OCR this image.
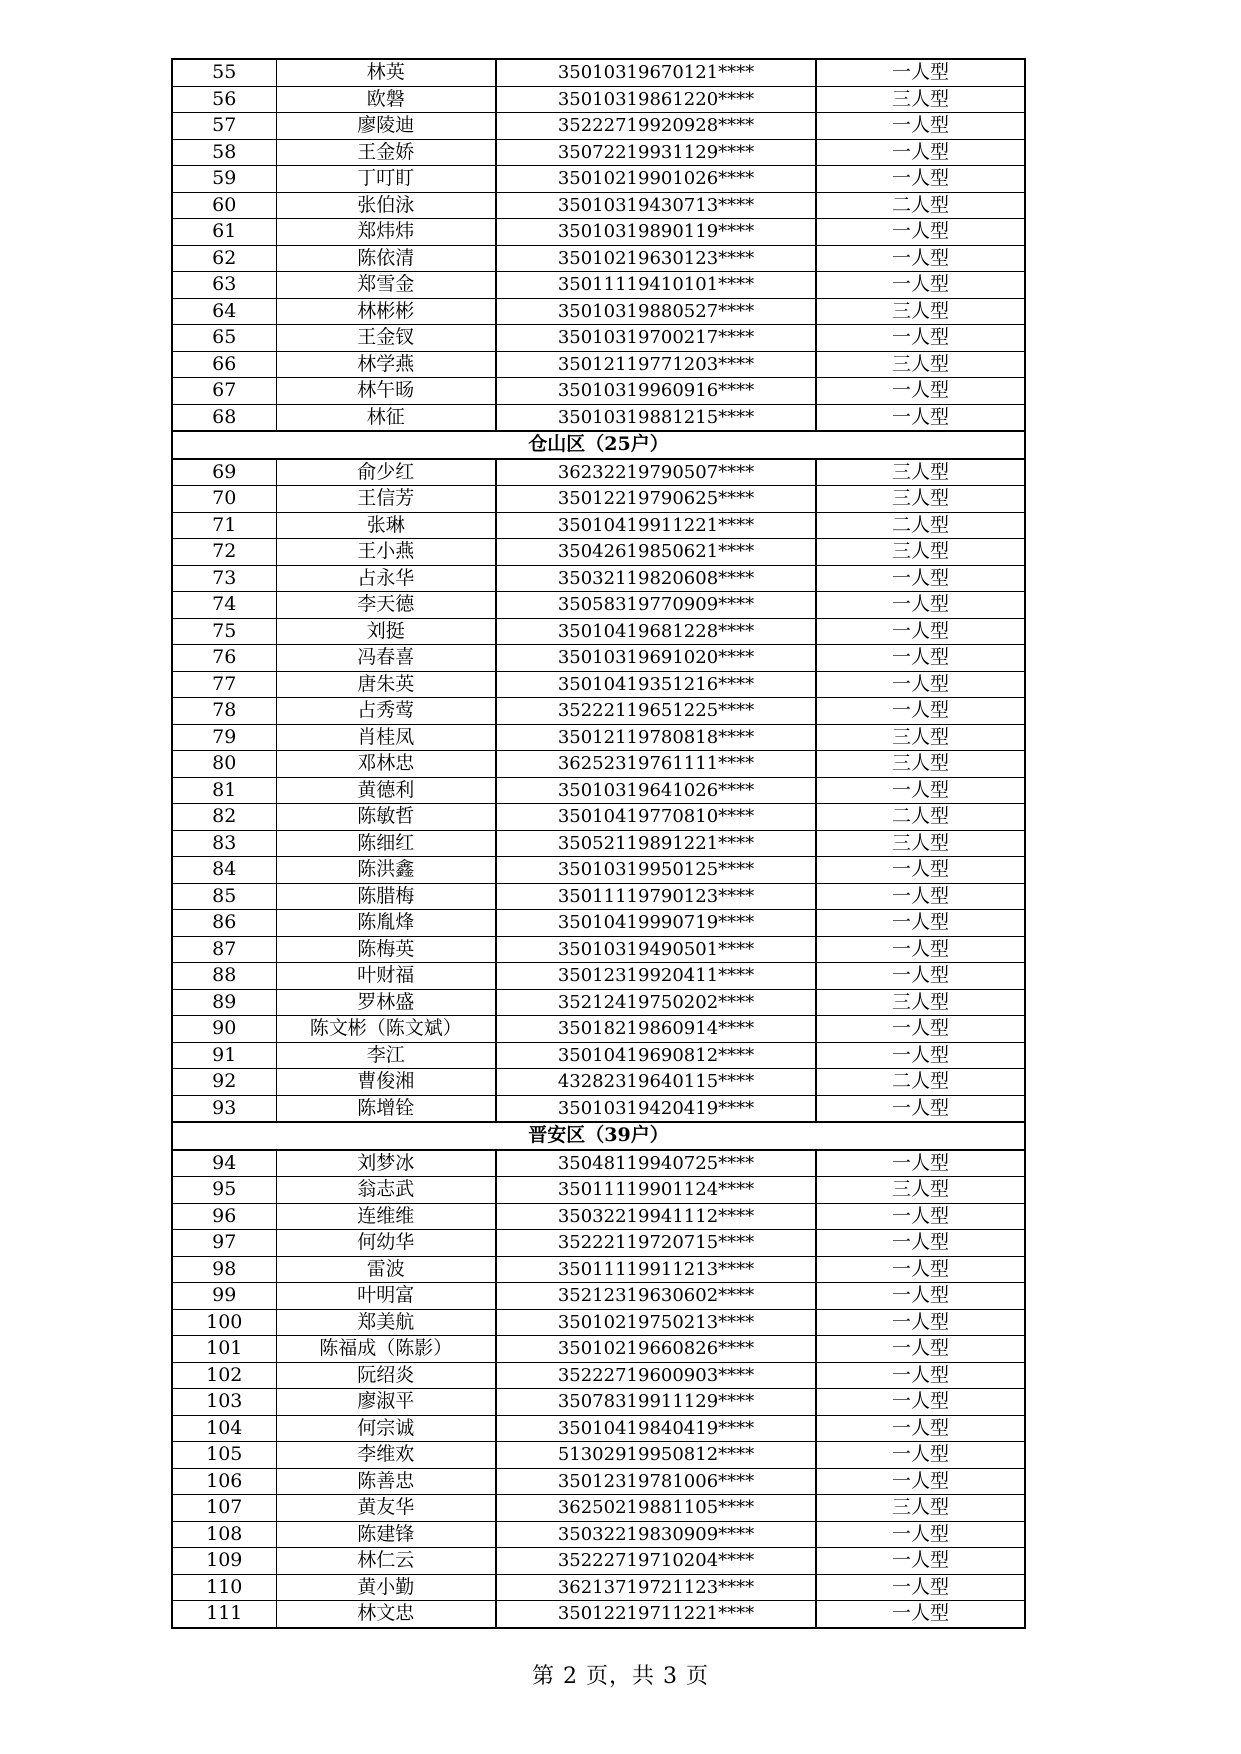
55	林英	35010319670121****	一人型
56	欧磐	35010319861220****	三人型
57	廖陵迪	35222719920928****	一人型
58	王金娇	35072219931129****	一人型
59	丁叮盯	35010219901026****	一人型
60	张伯泳	35010319430713****	二人型
61	郑炜炜	35010319890119****	一人型
62	陈依清	35010219630123****	一人型
63	郑雪金	35011119410101****	一人型
64	林彬彬	35010319880527****	三人型
65	王金钗	35010319700217****	一人型
66	林学燕	35012119771203****	三人型
67	林午旸	35010319960916****	一人型
68	林征	35010319881215****	一人型
仓山区（25户）			
69	俞少红	36232219790507****	三人型
70	王信芳	35012219790625****	三人型
71	张琳	35010419911221****	二人型
72	王小燕	35042619850621****	三人型
73	占永华	35032119820608****	一人型
74	李天德	35058319770909****	一人型
75	刘挺	35010419681228****	一人型
76	冯春喜	35010319691020****	一人型
77	唐朱英	35010419351216****	一人型
78	占秀莺	35222119651225****	一人型
79	肖桂凤	35012119780818****	三人型
80	邓林忠	36252319761111****	三人型
81	黄德利	35010319641026****	一人型
82	陈敏哲	35010419770810****	二人型
83	陈细红	35052119891221****	三人型
84	陈洪鑫	35010319950125****	一人型
85	陈腊梅	35011119790123****	一人型
86	陈胤烽	35010419990719****	一人型
87	陈梅英	35010319490501****	一人型
88	叶财福	35012319920411****	一人型
89	罗林盛	35212419750202****	三人型
90	陈文彬（陈文斌）	35018219860914****	一人型
91	李江	35010419690812****	一人型
92	曹俊湘	43282319640115****	二人型
93	陈增铨	35010319420419****	一人型
晋安区（39户）			
94	刘梦冰	35048119940725****	一人型
95	翁志武	35011119901124****	三人型
96	连维维	35032219941112****	一人型
97	何幼华	35222119720715****	一人型
98	雷波	35011119911213****	一人型
99	叶明富	35212319630602****	一人型
100	郑美航	35010219750213****	一人型
101	陈福成（陈影）	35010219660826****	一人型
102	阮绍炎	35222719600903****	一人型
103	廖淑平	35078319911129****	一人型
104	何宗诚	35010419840419****	一人型
105	李维欢	51302919950812****	一人型
106	陈善忠	35012319781006****	一人型
107	黄友华	36250219881105****	三人型
108	陈建锋	35032219830909****	一人型
109	林仁云	35222719710204****	一人型
110	黄小勤	36213719721123****	一人型
111	林文忠	35012219711221****	一人型
第 2 页，共 3 页
